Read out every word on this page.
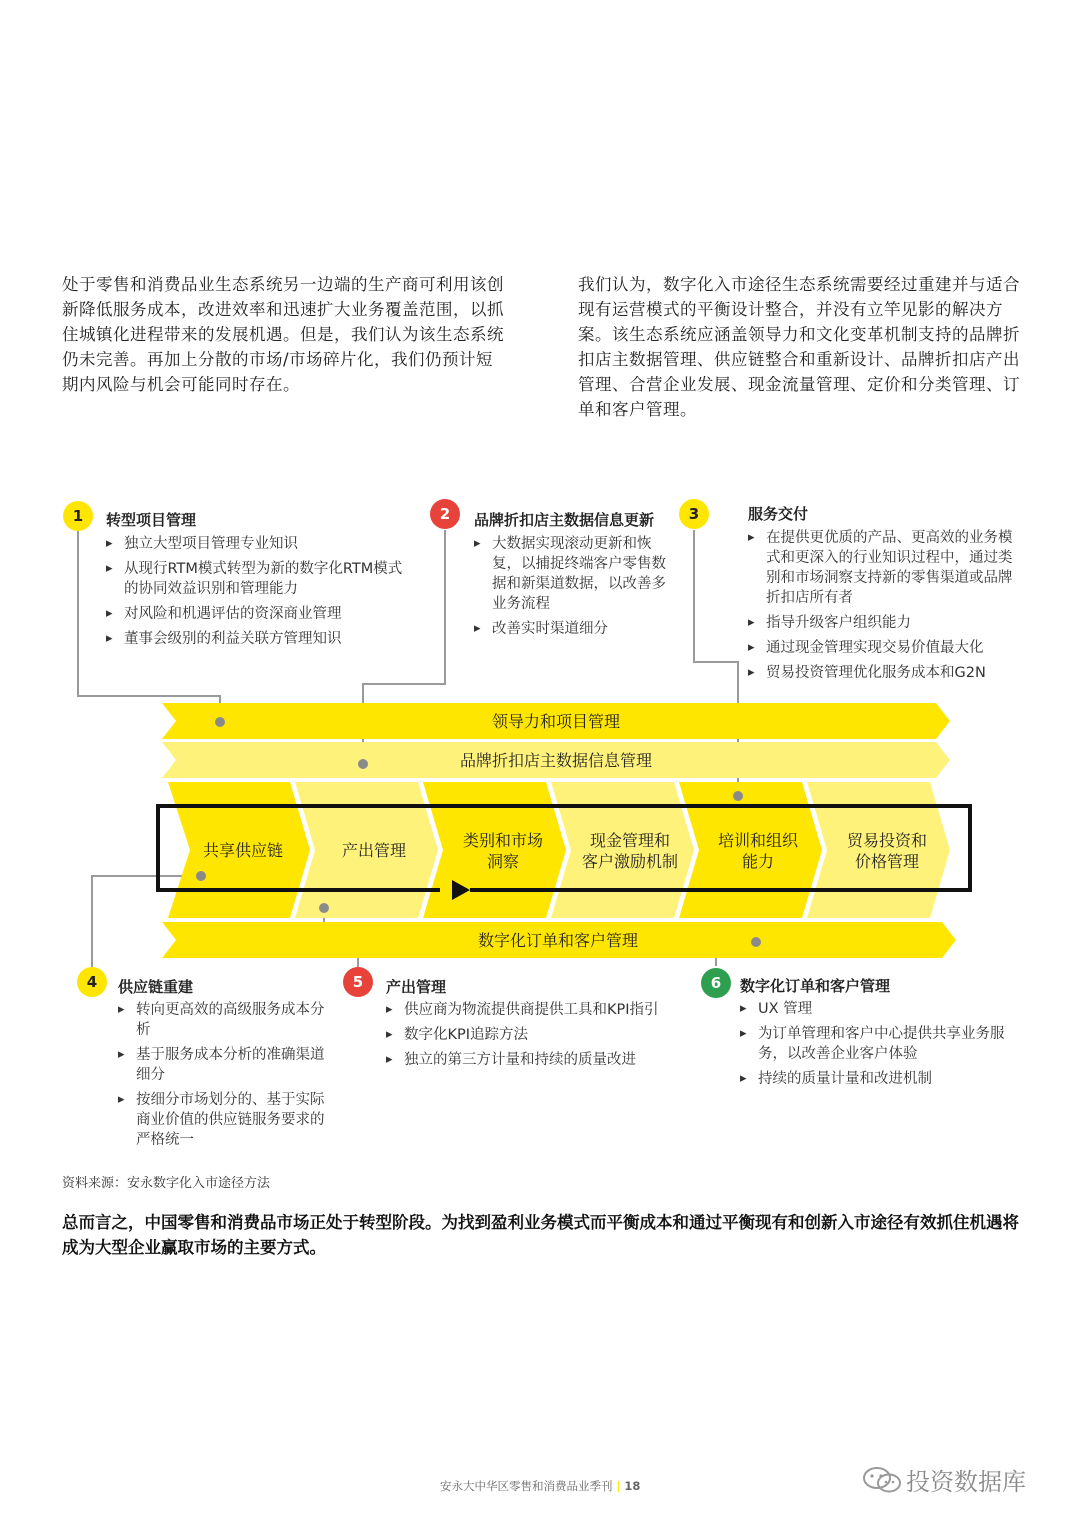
处于零售和消费品业生态系统另一边端的生产商可利用该创新降低服务成本，改进效率和迅速扩大业务覆盖范围，以抓住城镇化进程带来的发展机遇。但是，我们认为该生态系统仍未完善。再加上分散的市场/市场碎片化，我们仍预计短期内风险与机会可能同时存在。
我们认为，数字化入市途径生态系统需要经过重建并与适合现有运营模式的平衡设计整合，并没有立竿见影的解决方案。该生态系统应涵盖领导力和文化变革机制支持的品牌折扣店主数据管理、供应链整合和重新设计、品牌折扣店产出管理、合营企业发展、现金流量管理、定价和分类管理、订单和客户管理。
领导力和项目管理
品牌折扣店主数据信息管理
共享供应链	产出管理
类别和市场
洞察
现金管理和
客户激励机制
培训和组织
能力
贸易投资和
价格管理
数字化订单和客户管理
1	转型项目管理
▸ 独立大型项目管理专业知识
▸ 从现行RTM模式转型为新的数字化RTM模式的协同效益识别和管理能力
▸ 对风险和机遇评估的资深商业管理
▸ 董事会级别的利益关联方管理知识
2	品牌折扣店主数据信息更新
▸ 大数据实现滚动更新和恢复，以捕捉终端客户零售数据和新渠道数据，以改善多业务流程
▸ 改善实时渠道细分
3	服务交付
▸ 在提供更优质的产品、更高效的业务模式和更深入的行业知识过程中，通过类别和市场洞察支持新的零售渠道或品牌折扣店所有者
▸ 指导升级客户组织能力
▸ 通过现金管理实现交易价值最大化
▸ 贸易投资管理优化服务成本和G2N
4	供应链重建
▸ 转向更高效的高级服务成本分析
▸ 基于服务成本分析的准确渠道细分
▸ 按细分市场划分的、基于实际商业价值的供应链服务要求的严格统一
5	产出管理
▸ 供应商为物流提供商提供工具和KPI指引
▸ 数字化KPI追踪方法
▸ 独立的第三方计量和持续的质量改进
6	数字化订单和客户管理
▸ UX 管理
▸ 为订单管理和客户中心提供共享业务服务，以改善企业客户体验
▸ 持续的质量计量和改进机制
资料来源：安永数字化入市途径方法
总而言之，中国零售和消费品市场正处于转型阶段。为找到盈利业务模式而平衡成本和通过平衡现有和创新入市途径有效抓住机遇将成为大型企业赢取市场的主要方式。
安永大中华区零售和消费品业季刊 | 18	投资数据库
